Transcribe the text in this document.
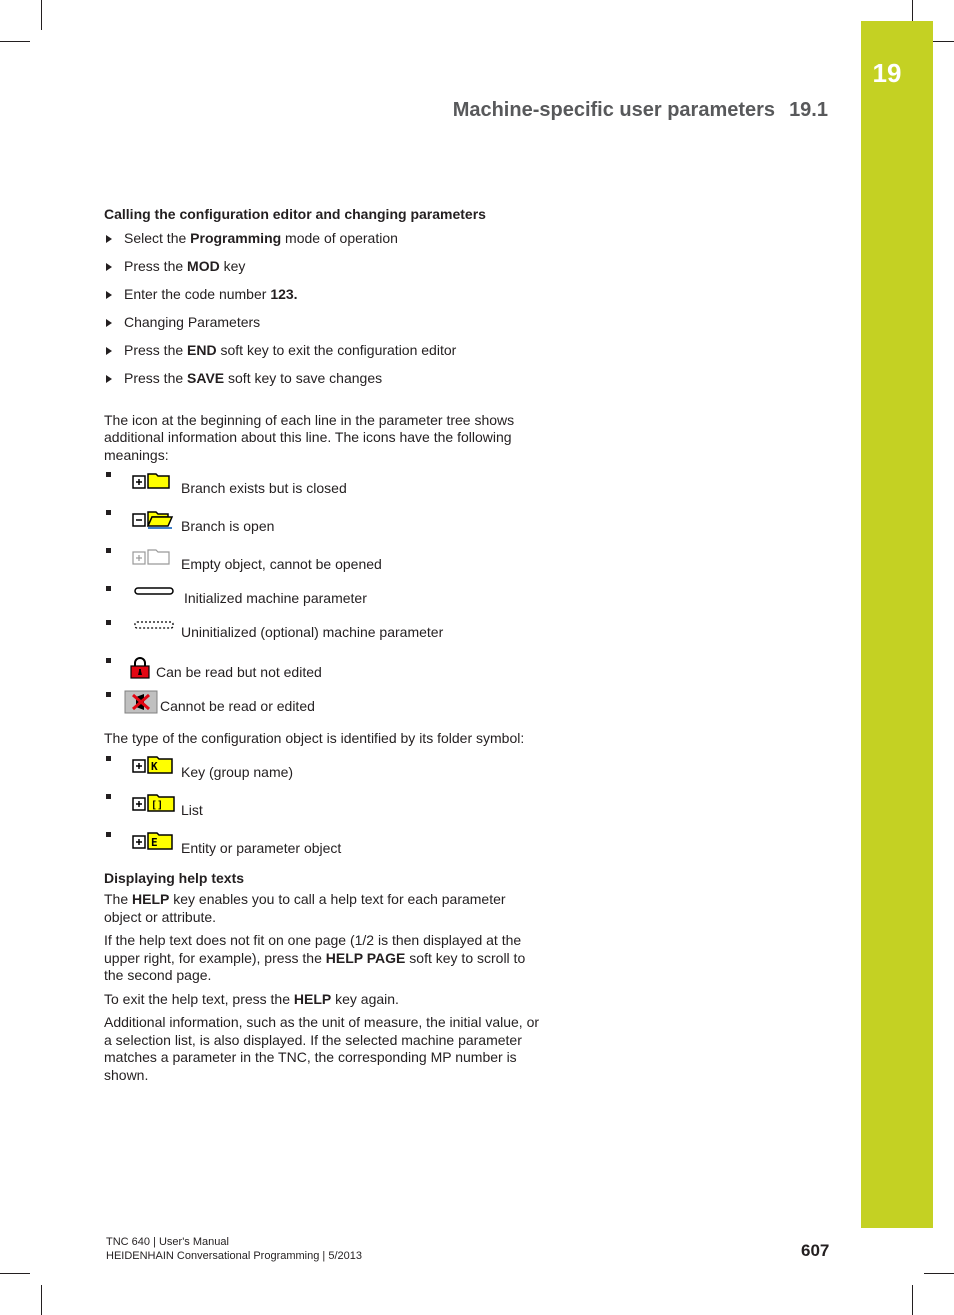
19
Machine-specific user parameters 19.1
Calling the configuration editor and changing parameters
Select the Programming mode of operation
Press the MOD key
Enter the code number 123.
Changing Parameters
Press the END soft key to exit the configuration editor
Press the SAVE soft key to save changes

The icon at the beginning of each line in the parameter tree shows additional information about this line. The icons have the following meanings:

Branch exists but is closed
Branch is open
Empty object, cannot be opened
Initialized machine parameter
Uninitialized (optional) machine parameter
Can be read but not edited
Cannot be read or edited

The type of the configuration object is identified by its folder symbol:

K Key (group name)
[] List
E Entity or parameter object
Displaying help texts

The HELP key enables you to call a help text for each parameter object or attribute.

If the help text does not fit on one page (1/2 is then displayed at the upper right, for example), press the HELP PAGE soft key to scroll to the second page.

To exit the help text, press the HELP key again.

Additional information, such as the unit of measure, the initial value, or a selection list, is also displayed. If the selected machine parameter matches a parameter in the TNC, the corresponding MP number is shown.

TNC 640 | User's Manual
HEIDENHAIN Conversational Programming | 5/2013	607
